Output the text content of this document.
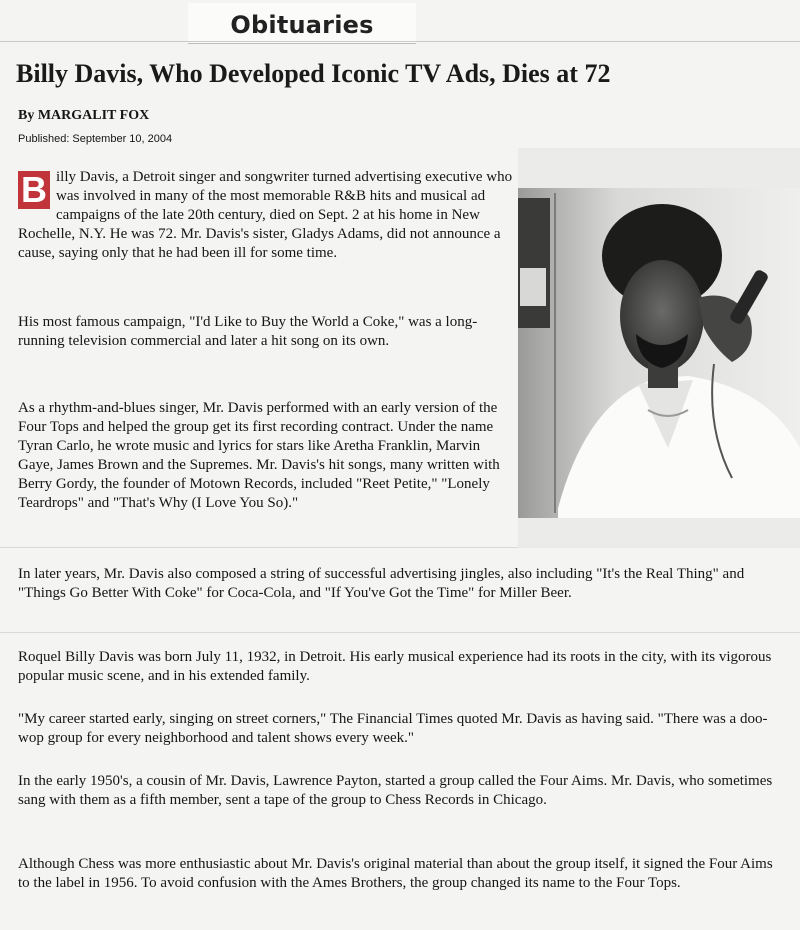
Obituaries
Billy Davis, Who Developed Iconic TV Ads, Dies at 72
By MARGALIT FOX
Published: September 10, 2004

B illy Davis, a Detroit singer and songwriter turned advertising executive who was involved in many of the most memorable R&B hits and musical ad campaigns of the late 20th century, died on Sept. 2 at his home in New Rochelle, N.Y. He was 72. Mr. Davis's sister, Gladys Adams, did not announce a cause, saying only that he had been ill for some time.

His most famous campaign, "I'd Like to Buy the World a Coke," was a long-running television commercial and later a hit song on its own.

As a rhythm-and-blues singer, Mr. Davis performed with an early version of the Four Tops and helped the group get its first recording contract. Under the name Tyran Carlo, he wrote music and lyrics for stars like Aretha Franklin, Marvin Gaye, James Brown and the Supremes. Mr. Davis's hit songs, many written with Berry Gordy, the founder of Motown Records, included "Reet Petite," "Lonely Teardrops" and "That's Why (I Love You So)."

In later years, Mr. Davis also composed a string of successful advertising jingles, also including "It's the Real Thing" and "Things Go Better With Coke" for Coca-Cola, and "If You've Got the Time" for Miller Beer.

Roquel Billy Davis was born July 11, 1932, in Detroit. His early musical experience had its roots in the city, with its vigorous popular music scene, and in his extended family.

"My career started early, singing on street corners," The Financial Times quoted Mr. Davis as having said. "There was a doo-wop group for every neighborhood and talent shows every week."

In the early 1950's, a cousin of Mr. Davis, Lawrence Payton, started a group called the Four Aims. Mr. Davis, who sometimes sang with them as a fifth member, sent a tape of the group to Chess Records in Chicago.

Although Chess was more enthusiastic about Mr. Davis's original material than about the group itself, it signed the Four Aims to the label in 1956. To avoid confusion with the Ames Brothers, the group changed its name to the Four Tops.
